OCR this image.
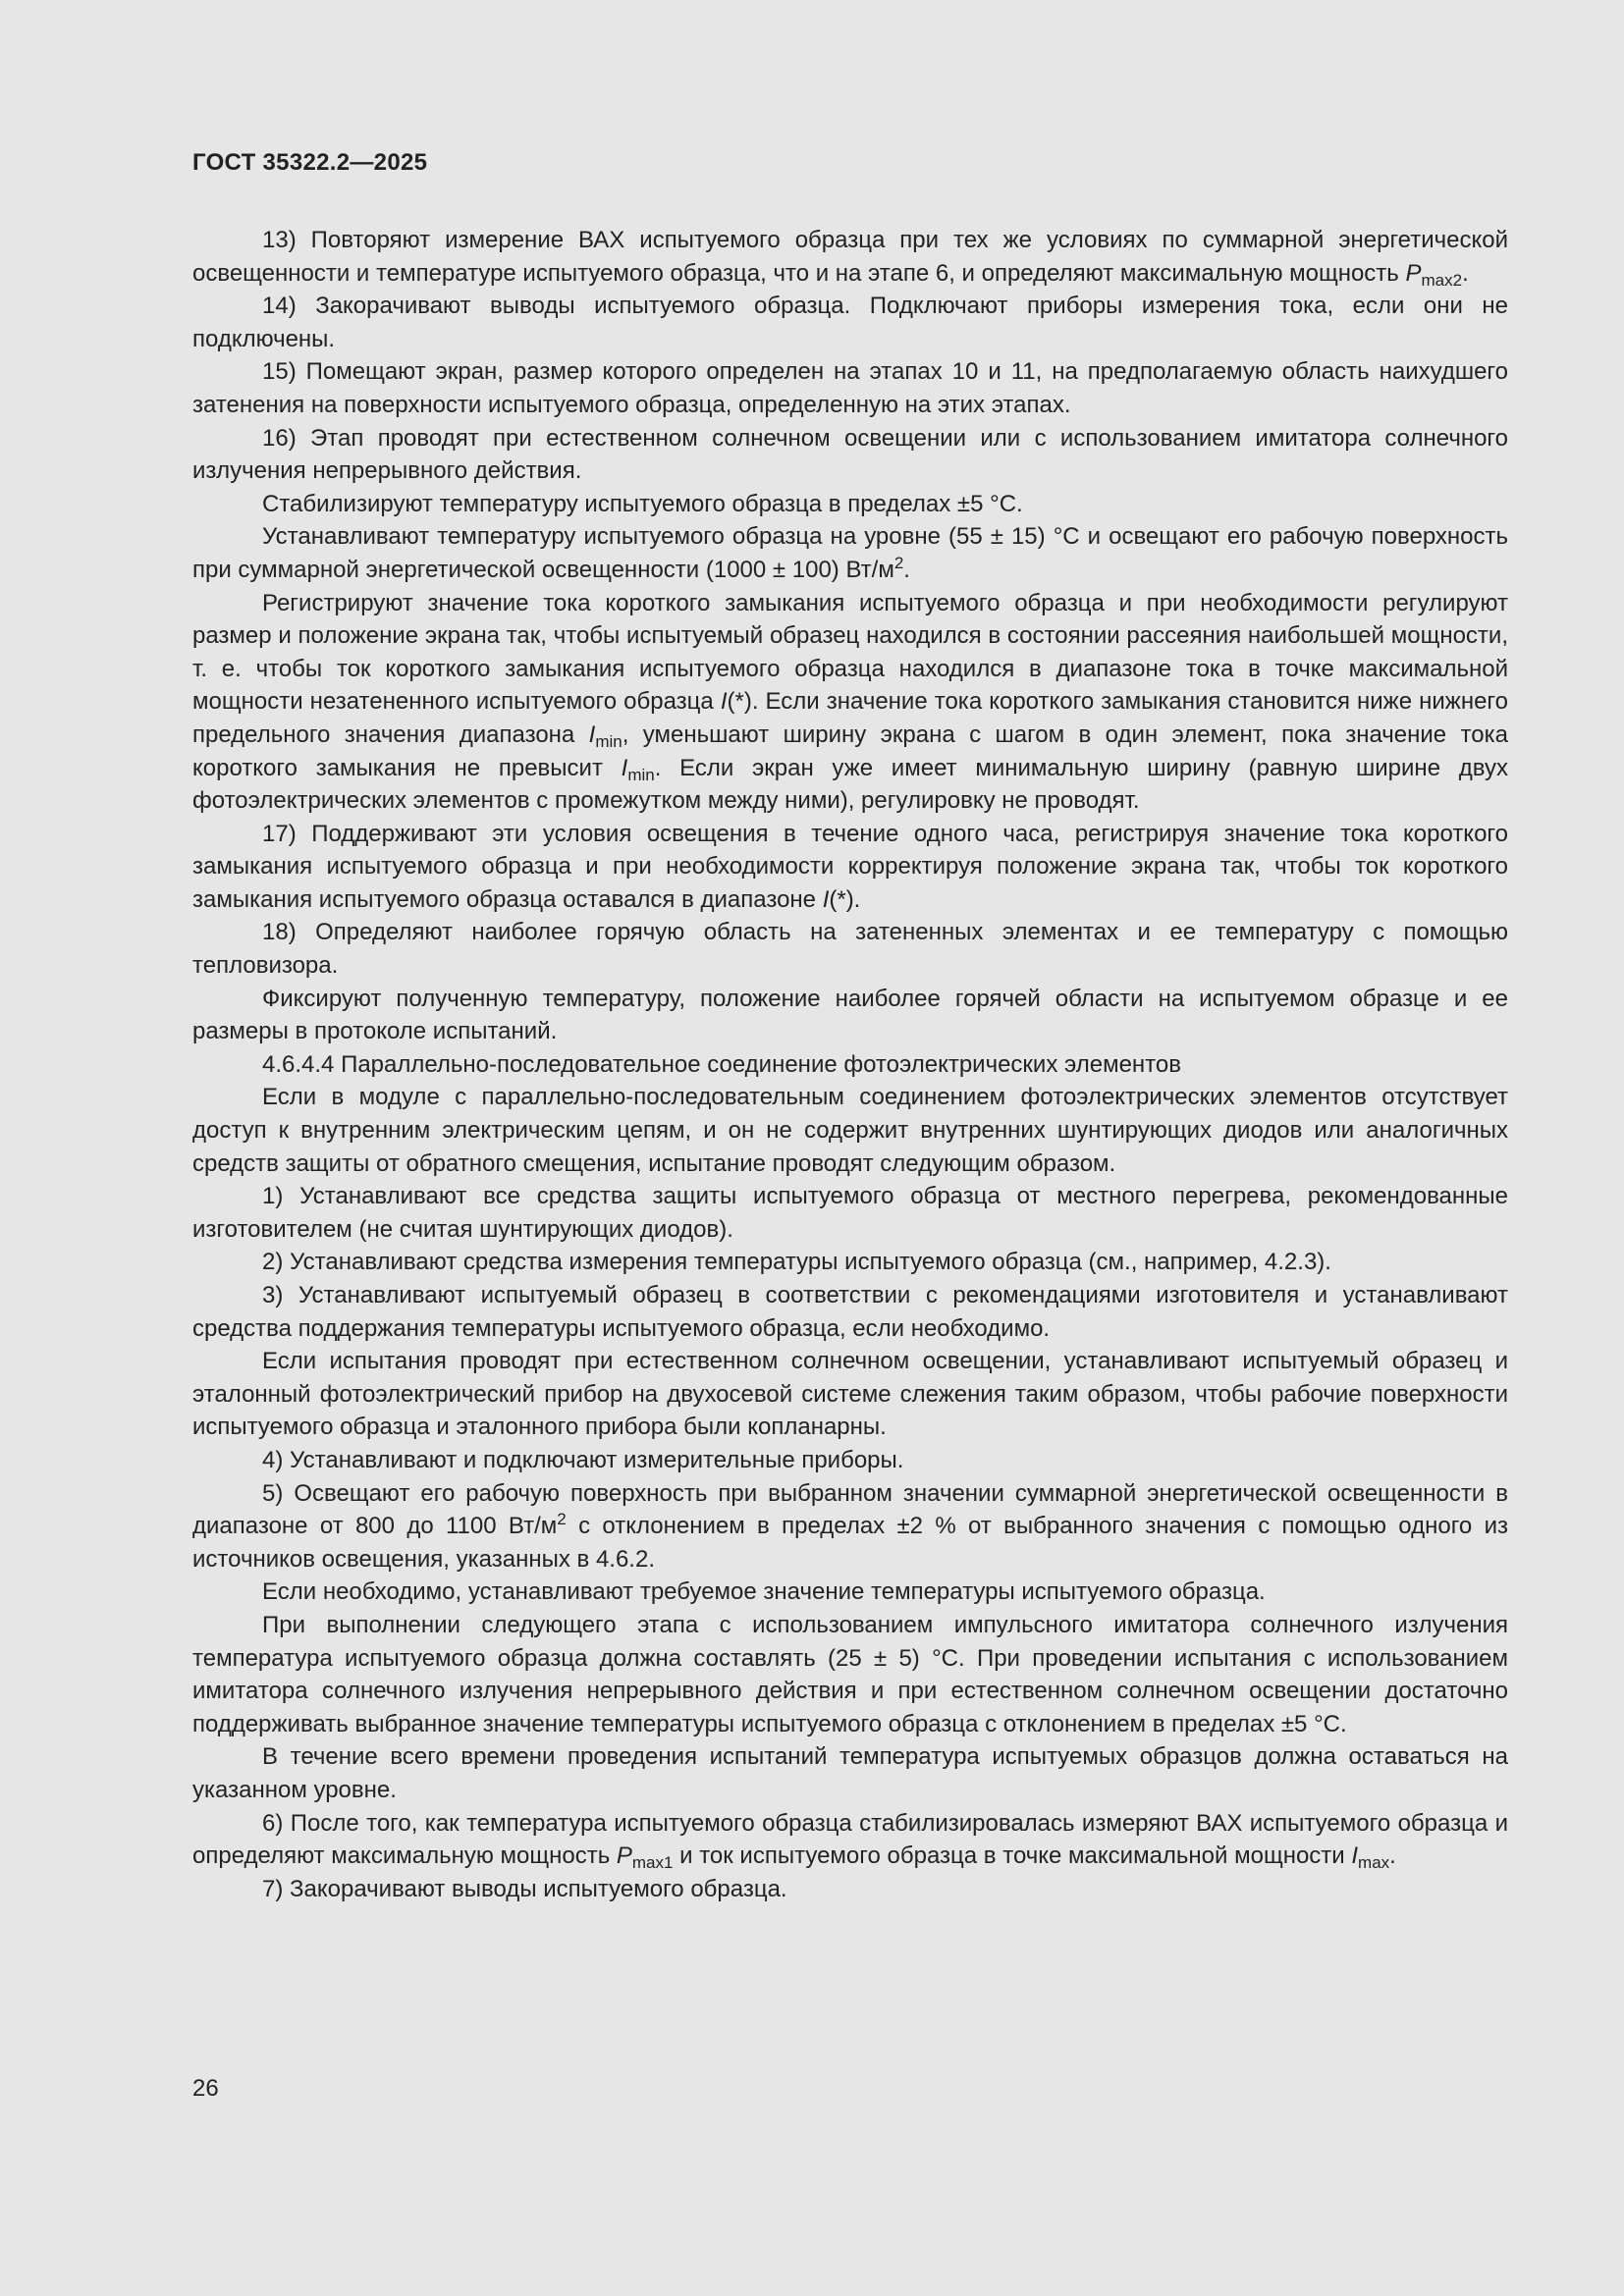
ГОСТ 35322.2—2025

13) Повторяют измерение ВАХ испытуемого образца при тех же условиях по суммарной энергетической освещенности и температуре испытуемого образца, что и на этапе 6, и определяют максимальную мощность $P_{max2}$.

14) Закорачивают выводы испытуемого образца. Подключают приборы измерения тока, если они не подключены.

15) Помещают экран, размер которого определен на этапах 10 и 11, на предполагаемую область наихудшего затенения на поверхности испытуемого образца, определенную на этих этапах.

16) Этап проводят при естественном солнечном освещении или с использованием имитатора солнечного излучения непрерывного действия.

Стабилизируют температуру испытуемого образца в пределах ±5 °C.

Устанавливают температуру испытуемого образца на уровне (55 ± 15) °C и освещают его рабочую поверхность при суммарной энергетической освещенности (1000 ± 100) $Вт/м^2$.

Регистрируют значение тока короткого замыкания испытуемого образца и при необходимости регулируют размер и положение экрана так, чтобы испытуемый образец находился в состоянии рассеяния наибольшей мощности, т. е. чтобы ток короткого замыкания испытуемого образца находился в диапазоне тока в точке максимальной мощности незатененного испытуемого образца I(*). Если значение тока короткого замыкания становится ниже нижнего предельного значения диапазона $I_{min}$, уменьшают ширину экрана с шагом в один элемент, пока значение тока короткого замыкания не превысит $I_{min}$. Если экран уже имеет минимальную ширину (равную ширине двух фотоэлектрических элементов с промежутком между ними), регулировку не проводят.

17) Поддерживают эти условия освещения в течение одного часа, регистрируя значение тока короткого замыкания испытуемого образца и при необходимости корректируя положение экрана так, чтобы ток короткого замыкания испытуемого образца оставался в диапазоне I(*).

18) Определяют наиболее горячую область на затененных элементах и ее температуру с помощью тепловизора.

Фиксируют полученную температуру, положение наиболее горячей области на испытуемом образце и ее размеры в протоколе испытаний.

4.6.4.4 Параллельно-последовательное соединение фотоэлектрических элементов

Если в модуле с параллельно-последовательным соединением фотоэлектрических элементов отсутствует доступ к внутренним электрическим цепям, и он не содержит внутренних шунтирующих диодов или аналогичных средств защиты от обратного смещения, испытание проводят следующим образом.

1) Устанавливают все средства защиты испытуемого образца от местного перегрева, рекомендованные изготовителем (не считая шунтирующих диодов).

2) Устанавливают средства измерения температуры испытуемого образца (см., например, 4.2.3).

3) Устанавливают испытуемый образец в соответствии с рекомендациями изготовителя и устанавливают средства поддержания температуры испытуемого образца, если необходимо.

Если испытания проводят при естественном солнечном освещении, устанавливают испытуемый образец и эталонный фотоэлектрический прибор на двухосевой системе слежения таким образом, чтобы рабочие поверхности испытуемого образца и эталонного прибора были копланарны.

4) Устанавливают и подключают измерительные приборы.

5) Освещают его рабочую поверхность при выбранном значении суммарной энергетической освещенности в диапазоне от 800 до 1100 $Вт/м^2$ с отклонением в пределах ±2 % от выбранного значения с помощью одного из источников освещения, указанных в 4.6.2.

Если необходимо, устанавливают требуемое значение температуры испытуемого образца.

При выполнении следующего этапа с использованием импульсного имитатора солнечного излучения температура испытуемого образца должна составлять (25 ± 5) °C. При проведении испытания с использованием имитатора солнечного излучения непрерывного действия и при естественном солнечном освещении достаточно поддерживать выбранное значение температуры испытуемого образца с отклонением в пределах ±5 °C.

В течение всего времени проведения испытаний температура испытуемых образцов должна оставаться на указанном уровне.

6) После того, как температура испытуемого образца стабилизировалась измеряют ВАХ испытуемого образца и определяют максимальную мощность $P_{max1}$ и ток испытуемого образца в точке максимальной мощности $I_{max}$.

7) Закорачивают выводы испытуемого образца.

26
